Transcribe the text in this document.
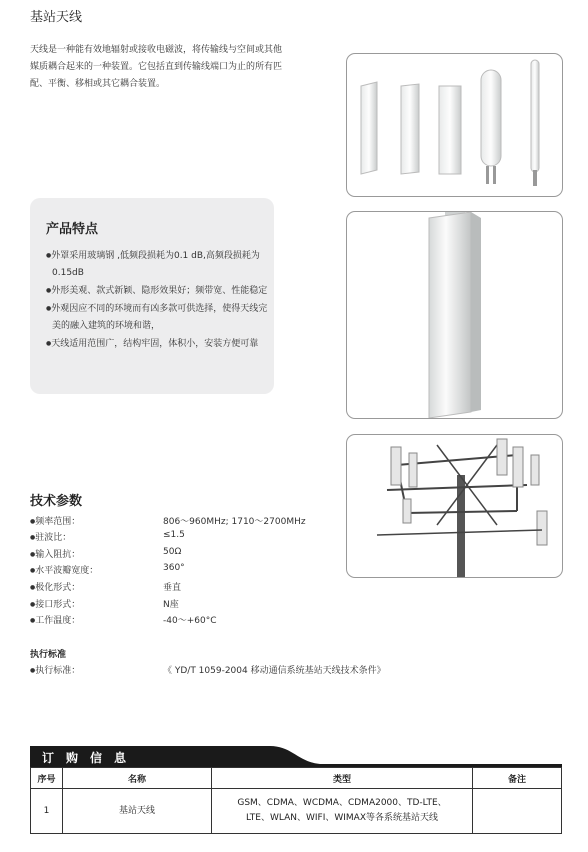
基站天线
天线是一种能有效地辐射或接收电磁波，将传输线与空间或其他媒质耦合起来的一种装置。它包括直到传输线端口为止的所有匹配、平衡、移相或其它耦合装置。
产品特点
● 外罩采用玻璃钢 ,低频段损耗为0.1 dB,高频段损耗为0.15dB
● 外形美观、款式新颖、隐形效果好；频带宽、性能稳定
● 外观因应不同的环境而有凶多款可供选择，使得天线完美的融入建筑的环境和谐，
● 天线适用范围广，结构牢固，体积小，安装方便可靠
技术参数
● 频率范围：	806～960MHz; 1710～2700MHz
● 驻波比：	≤1.5
● 输入阻抗：	50Ω
● 水平波瓣宽度：	360°
● 极化形式：	垂直
● 接口形式：	N座
● 工作温度：	-40～+60°C
执行标准
● 执行标准：	《 YD/T 1059-2004 移动通信系统基站天线技术条件》
订购信息
序号	名称	类型	备注
1	基站天线	GSM、CDMA、WCDMA、CDMA2000、TD-LTE、
LTE、WLAN、WIFI、WIMAX等各系统基站天线	
